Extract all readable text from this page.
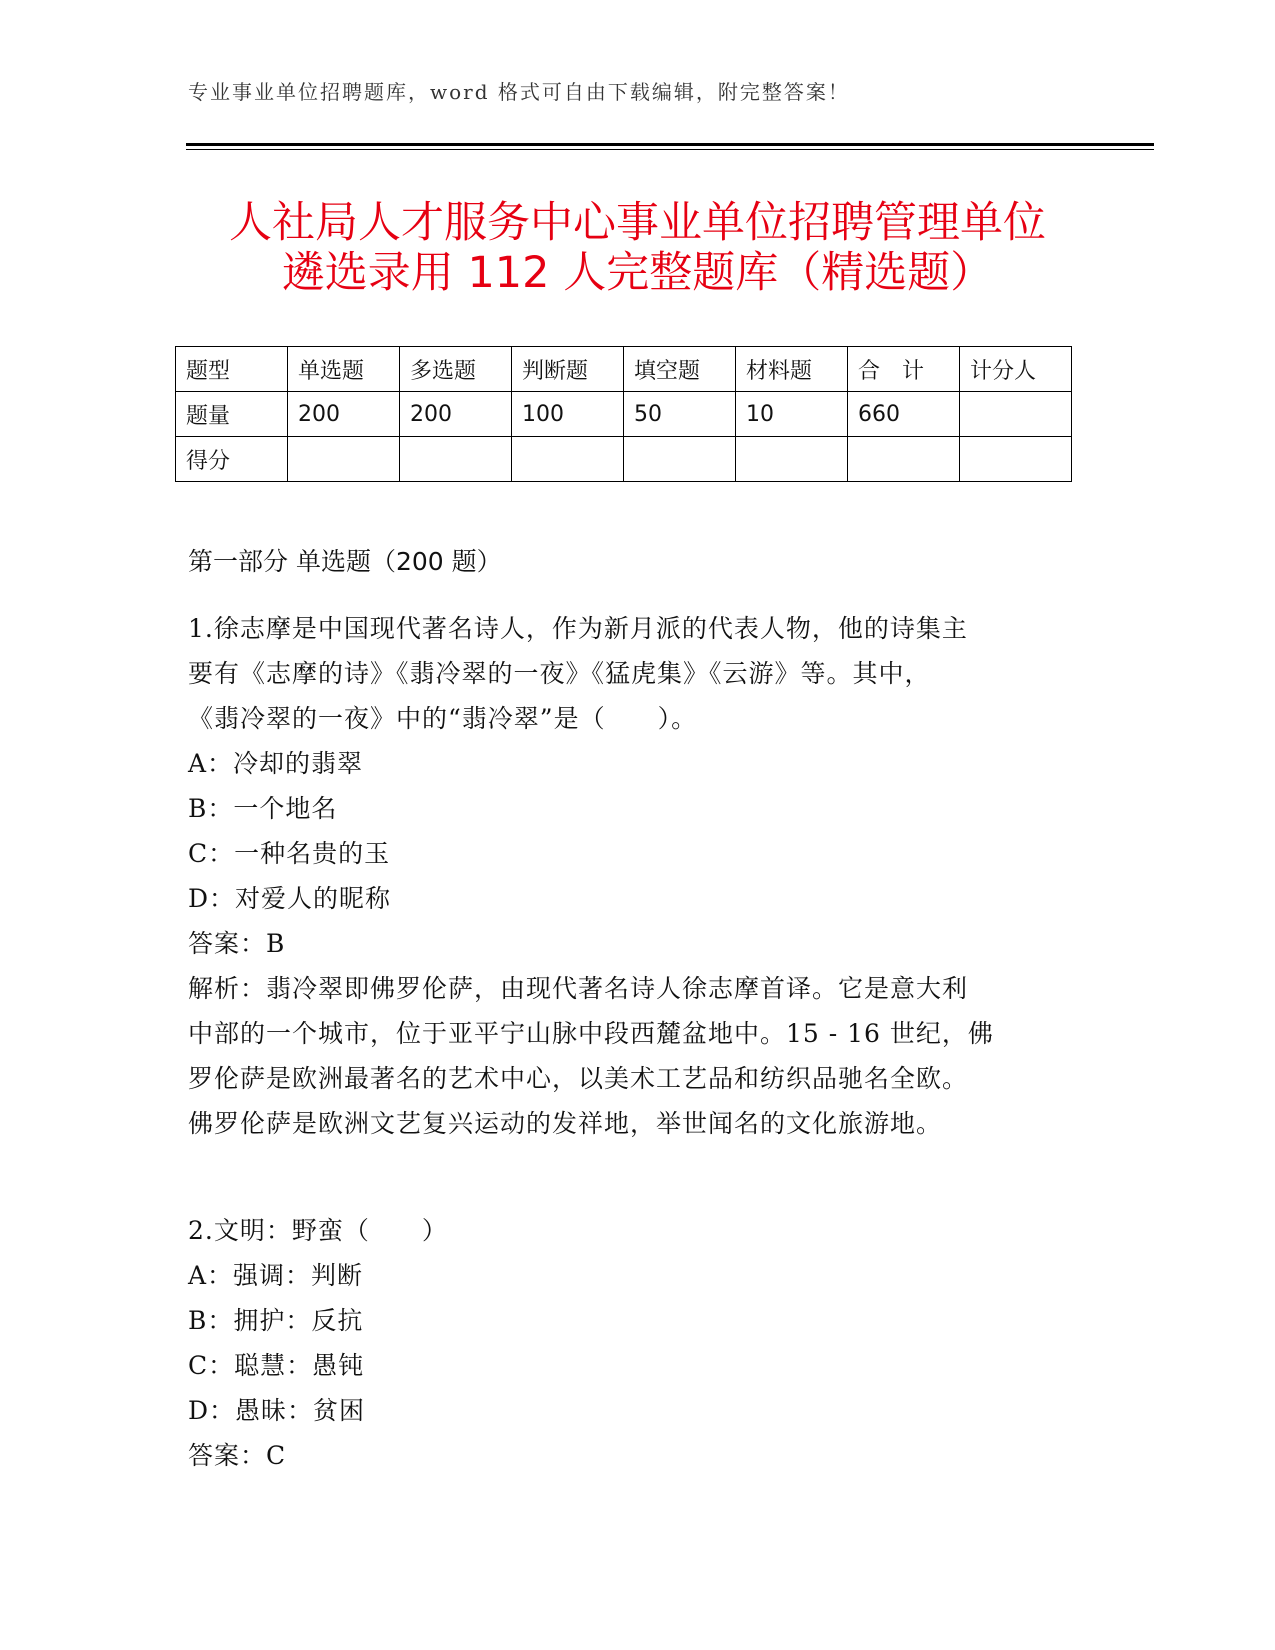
专业事业单位招聘题库，word 格式可自由下载编辑，附完整答案！
人社局人才服务中心事业单位招聘管理单位
遴选录用 112 人完整题库（精选题）
题型	单选题	多选题	判断题	填空题	材料题	合　计	计分人
题量	200	200	100	50	10	660	
得分							
第一部分 单选题（200 题）

1.徐志摩是中国现代著名诗人，作为新月派的代表人物，他的诗集主

要有《志摩的诗》《翡冷翠的一夜》《猛虎集》《云游》等。其中，

《翡冷翠的一夜》中的“翡冷翠”是（　　）。

A：冷却的翡翠

B：一个地名

C：一种名贵的玉

D：对爱人的昵称

答案：B

解析：翡冷翠即佛罗伦萨，由现代著名诗人徐志摩首译。它是意大利

中部的一个城市，位于亚平宁山脉中段西麓盆地中。15 - 16 世纪，佛

罗伦萨是欧洲最著名的艺术中心，以美术工艺品和纺织品驰名全欧。

佛罗伦萨是欧洲文艺复兴运动的发祥地，举世闻名的文化旅游地。

2.文明：野蛮（　　）

A：强调：判断

B：拥护：反抗

C：聪慧：愚钝

D：愚昧：贫困

答案：C
